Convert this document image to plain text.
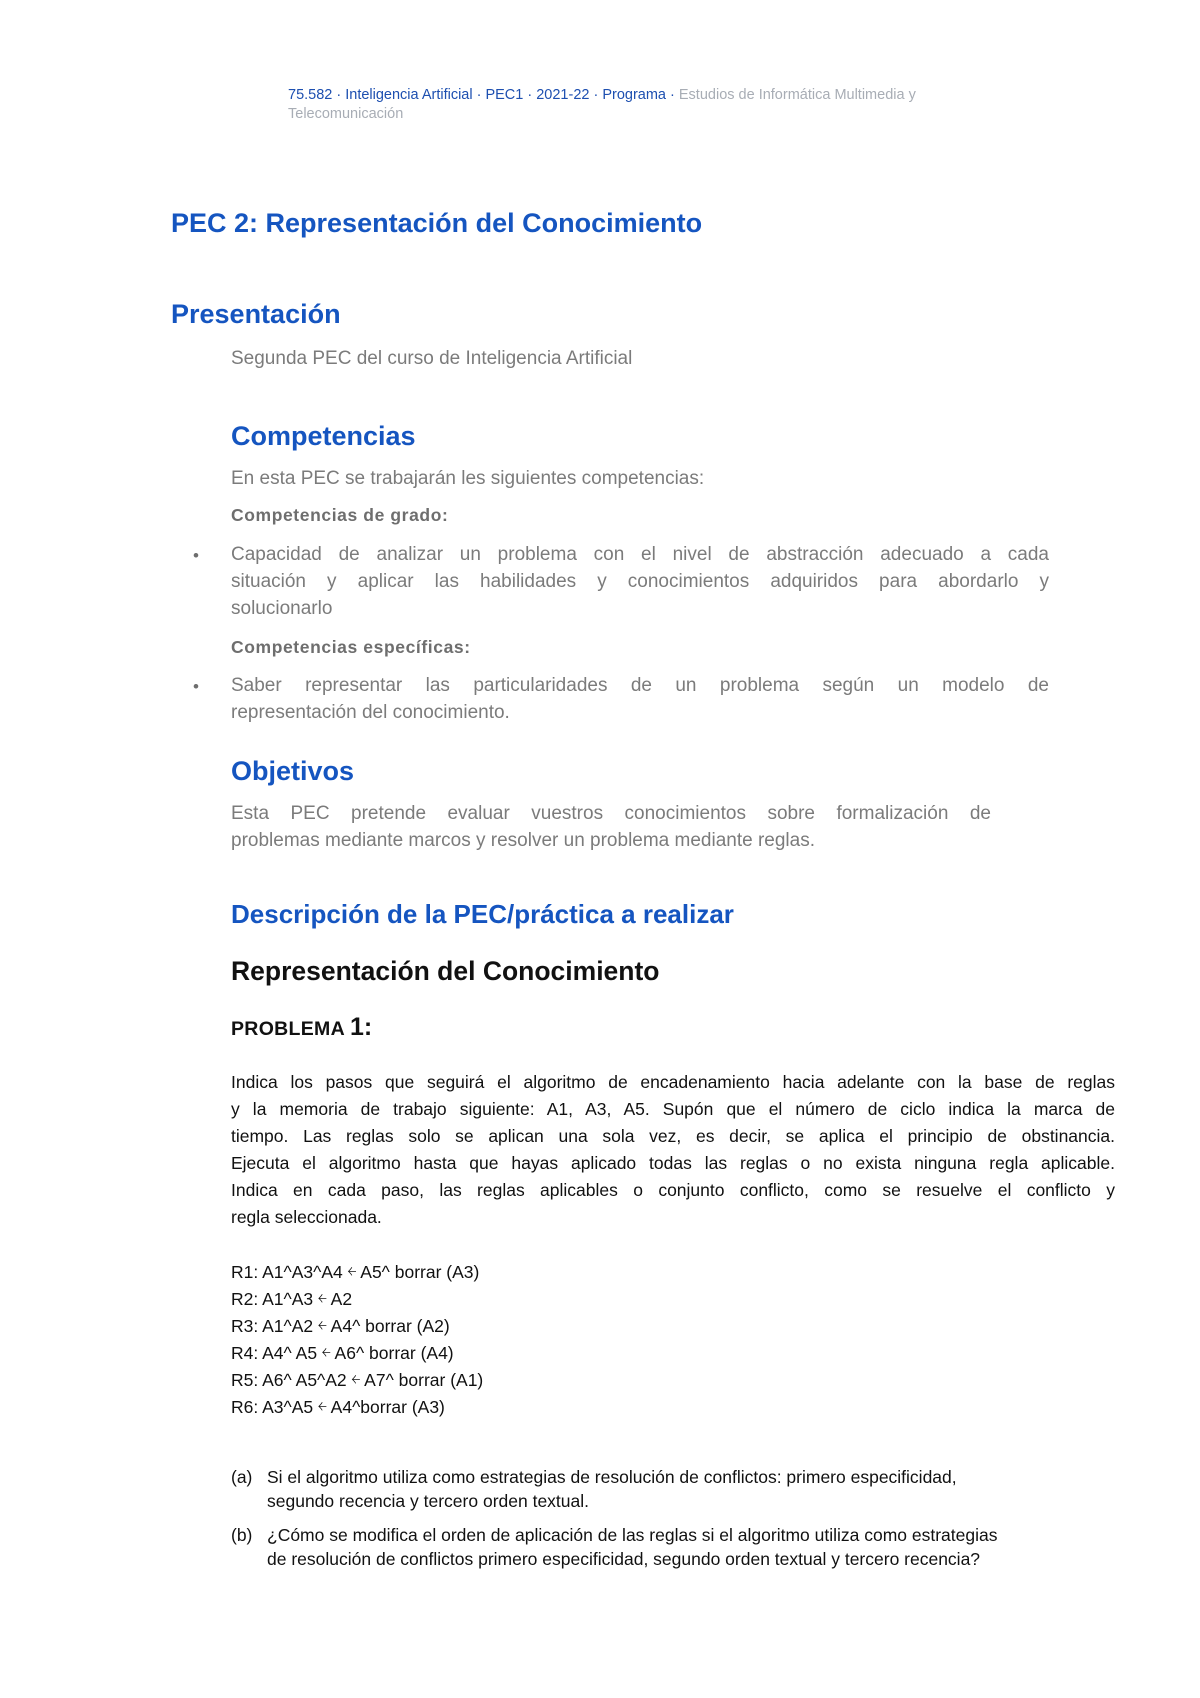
75.582 · Inteligencia Artificial · PEC1 · 2021-22 · Programa · Estudios de Informática Multimedia y
Telecomunicación
PEC 2: Representación del Conocimiento
Presentación
Segunda PEC del curso de Inteligencia Artificial
Competencias
En esta PEC se trabajarán les siguientes competencias:
Competencias de grado:
• Capacidad de analizar un problema con el nivel de abstracción adecuado a cada
situación y aplicar las habilidades y conocimientos adquiridos para abordarlo y
solucionarlo
Competencias específicas:
• Saber representar las particularidades de un problema según un modelo de
representación del conocimiento.
Objetivos
Esta PEC pretende evaluar vuestros conocimientos sobre formalización de
problemas mediante marcos y resolver un problema mediante reglas.
Descripción de la PEC/práctica a realizar
Representación del Conocimiento
PROBLEMA 1:
Indica los pasos que seguirá el algoritmo de encadenamiento hacia adelante con la base de reglas
y la memoria de trabajo siguiente: A1, A3, A5. Supón que el número de ciclo indica la marca de
tiempo. Las reglas solo se aplican una sola vez, es decir, se aplica el principio de obstinancia.
Ejecuta el algoritmo hasta que hayas aplicado todas las reglas o no exista ninguna regla aplicable.
Indica en cada paso, las reglas aplicables o conjunto conflicto, como se resuelve el conflicto y
regla seleccionada.
R1: A1^A3^A4 ￩ A5^ borrar (A3)
R2: A1^A3 ￩ A2
R3: A1^A2 ￩ A4^ borrar (A2)
R4: A4^ A5 ￩ A6^ borrar (A4)
R5: A6^ A5^A2 ￩ A7^ borrar (A1)
R6: A3^A5 ￩ A4^borrar (A3)
(a) Si el algoritmo utiliza como estrategias de resolución de conflictos: primero especificidad,
segundo recencia y tercero orden textual.
(b) ¿Cómo se modifica el orden de aplicación de las reglas si el algoritmo utiliza como estrategias
de resolución de conflictos primero especificidad, segundo orden textual y tercero recencia?
